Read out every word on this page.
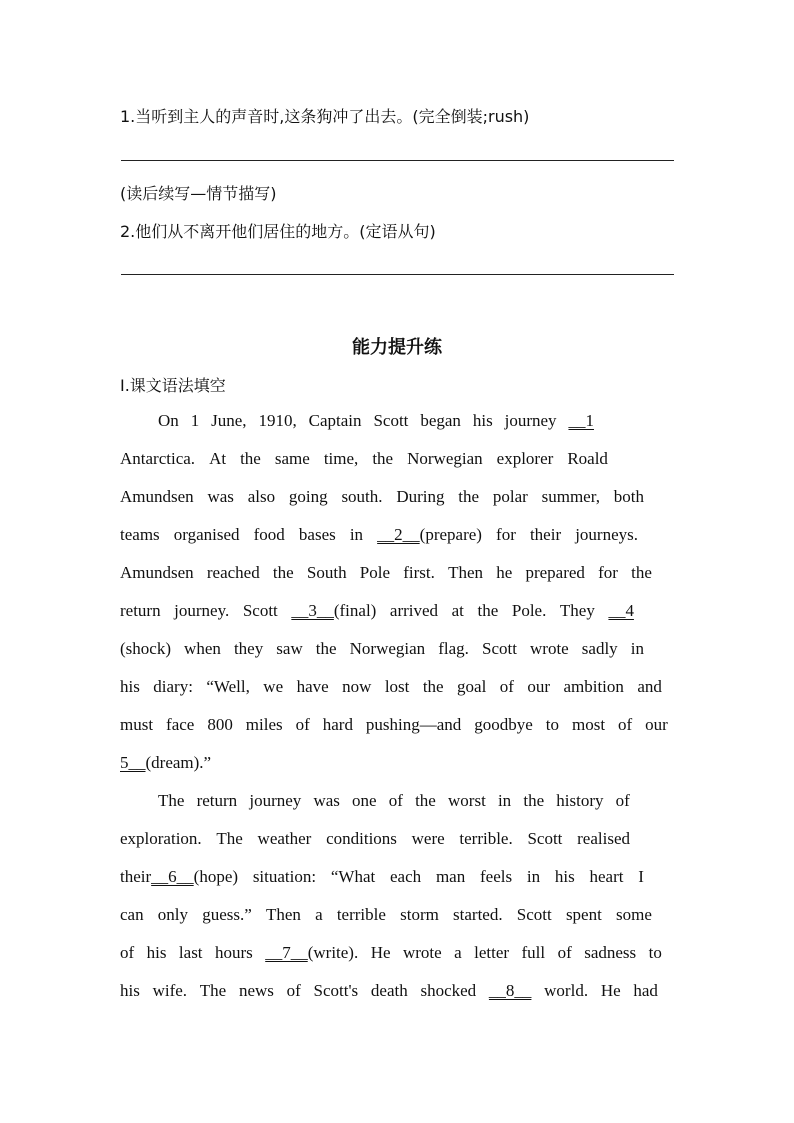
1.当听到主人的声音时,这条狗冲了出去。(完全倒装;rush)
(读后续写—情节描写)
2.他们从不离开他们居住的地方。(定语从句)
能力提升练
Ⅰ.课文语法填空
On 1 June, 1910, Captain Scott began his journey __1
Antarctica. At the same time, the Norwegian explorer Roald
Amundsen was also going south. During the polar summer, both
teams organised food bases in __2__(prepare) for their journeys.
Amundsen reached the South Pole first. Then he prepared for the
return journey. Scott __3__(final) arrived at the Pole. They __4
(shock) when they saw the Norwegian flag. Scott wrote sadly in
his diary: “Well, we have now lost the goal of our ambition and
must face 800 miles of hard pushing—and goodbye to most of our
5__ (dream).”
The return journey was one of the worst in the history of
exploration. The weather conditions were terrible. Scott realised
their__6__(hope) situation: “What each man feels in his heart I
can only guess.” Then a terrible storm started. Scott spent some
of his last hours __7__(write). He wrote a letter full of sadness to
his wife. The news of Scott's death shocked __8__ world. He had
